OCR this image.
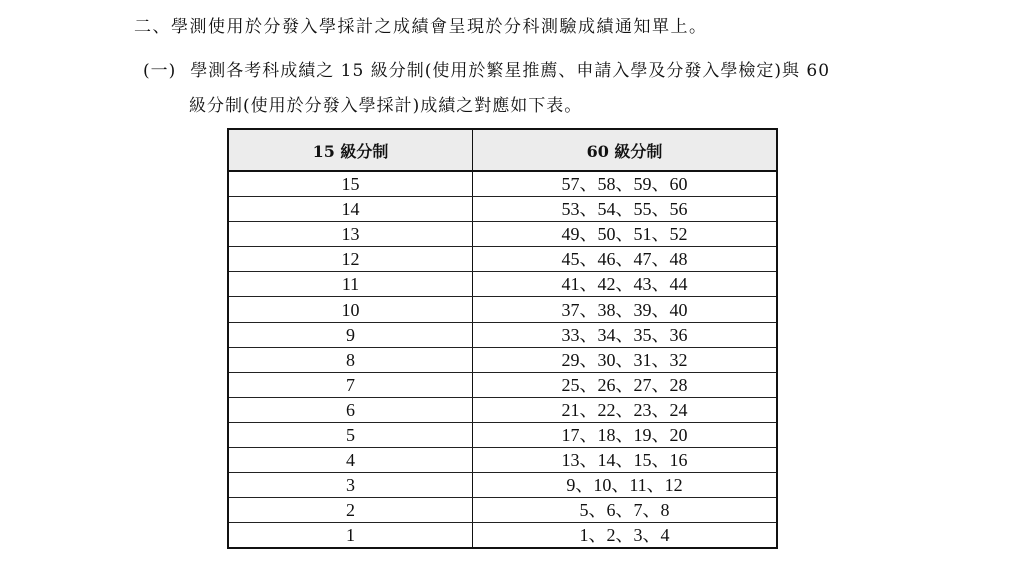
二、學測使用於分發入學採計之成績會呈現於分科測驗成績通知單上。
(一) 學測各考科成績之 15 級分制(使用於繁星推薦、申請入學及分發入學檢定)與 60
級分制(使用於分發入學採計)成績之對應如下表。
15 級分制	60 級分制
15	57、58、59、60
14	53、54、55、56
13	49、50、51、52
12	45、46、47、48
11	41、42、43、44
10	37、38、39、40
9	33、34、35、36
8	29、30、31、32
7	25、26、27、28
6	21、22、23、24
5	17、18、19、20
4	13、14、15、16
3	9、10、11、12
2	5、6、7、8
1	1、2、3、4
